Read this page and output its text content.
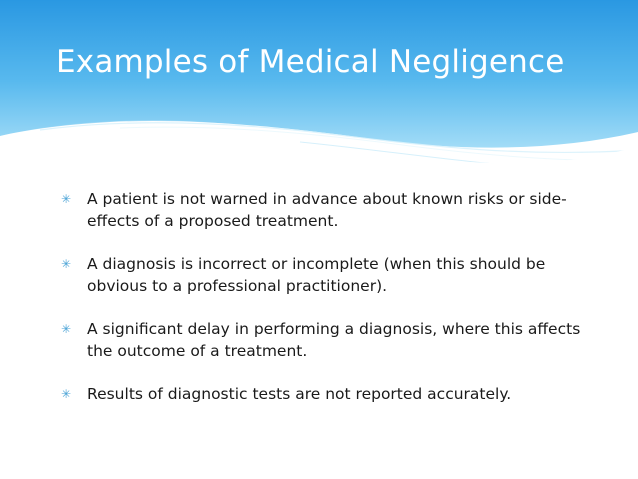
Examples of Medical Negligence
✳	A patient is not warned in advance about known risks or side-effects of a proposed treatment.
✳	A diagnosis is incorrect or incomplete (when this should be obvious to a professional practitioner).
✳	A significant delay in performing a diagnosis, where this affects the outcome of a treatment.
✳	Results of diagnostic tests are not reported accurately.
